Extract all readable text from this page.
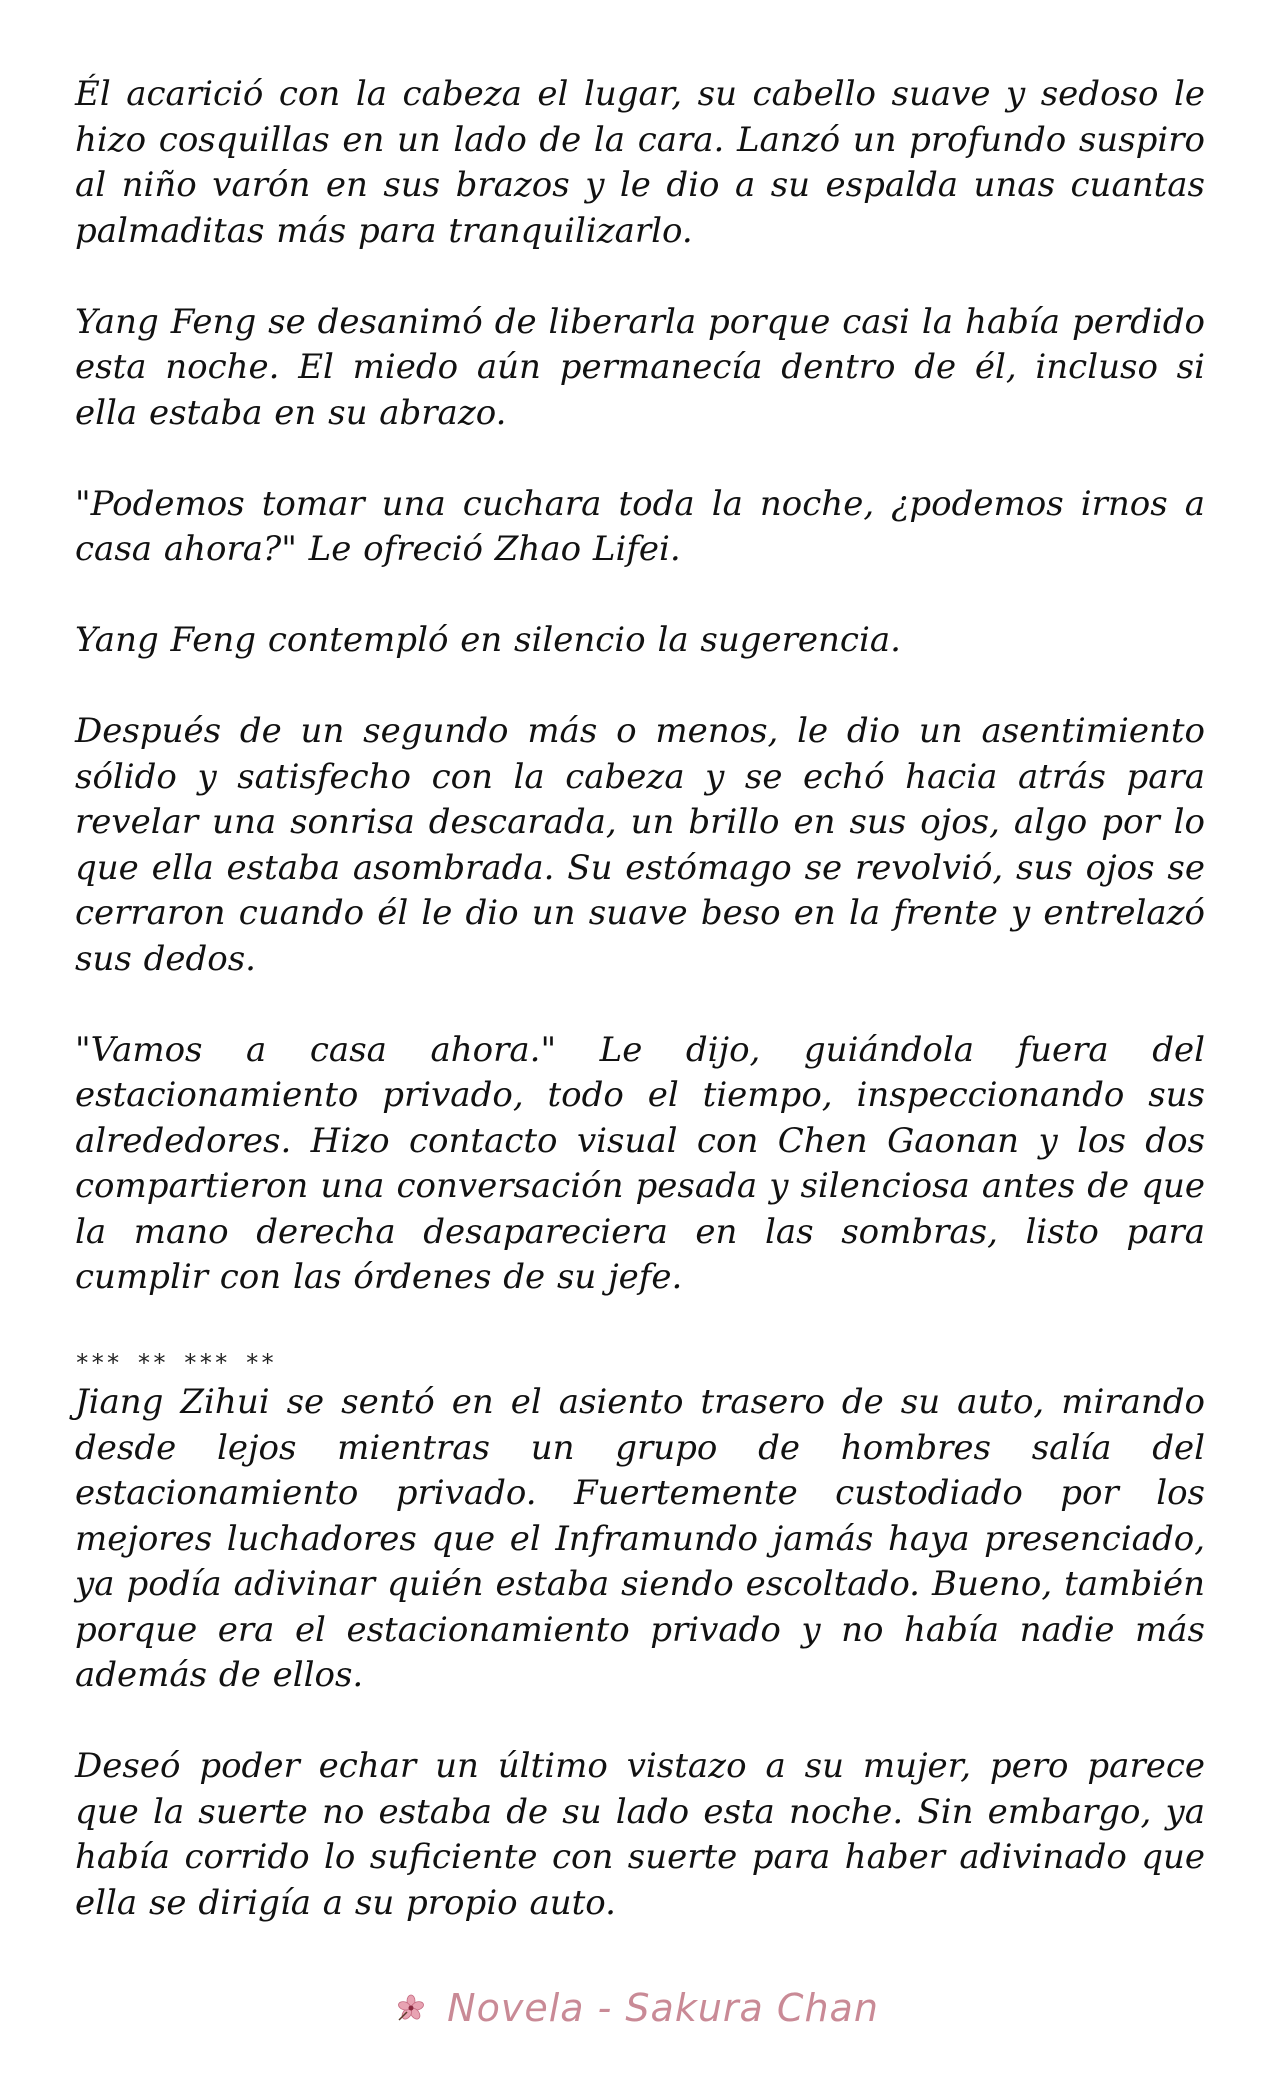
Él acarició con la cabeza el lugar, su cabello suave y sedoso le hizo cosquillas en un lado de la cara. Lanzó un profundo suspiro al niño varón en sus brazos y le dio a su espalda unas cuantas palmaditas más para tranquilizarlo.

Yang Feng se desanimó de liberarla porque casi la había perdido esta noche. El miedo aún permanecía dentro de él, incluso si ella estaba en su abrazo.

"Podemos tomar una cuchara toda la noche, ¿podemos irnos a casa ahora?" Le ofreció Zhao Lifei.

Yang Feng contempló en silencio la sugerencia.

Después de un segundo más o menos, le dio un asentimiento sólido y satisfecho con la cabeza y se echó hacia atrás para revelar una sonrisa descarada, un brillo en sus ojos, algo por lo que ella estaba asombrada. Su estómago se revolvió, sus ojos se cerraron cuando él le dio un suave beso en la frente y entrelazó sus dedos.

"Vamos a casa ahora." Le dijo, guiándola fuera del estacionamiento privado, todo el tiempo, inspeccionando sus alrededores. Hizo contacto visual con Chen Gaonan y los dos compartieron una conversación pesada y silenciosa antes de que la mano derecha desapareciera en las sombras, listo para cumplir con las órdenes de su jefe.

*** ** *** **

Jiang Zihui se sentó en el asiento trasero de su auto, mirando desde lejos mientras un grupo de hombres salía del estacionamiento privado. Fuertemente custodiado por los mejores luchadores que el Inframundo jamás haya presenciado, ya podía adivinar quién estaba siendo escoltado. Bueno, también porque era el estacionamiento privado y no había nadie más además de ellos.

Deseó poder echar un último vistazo a su mujer, pero parece que la suerte no estaba de su lado esta noche. Sin embargo, ya había corrido lo suficiente con suerte para haber adivinado que ella se dirigía a su propio auto.

Novela - Sakura Chan
